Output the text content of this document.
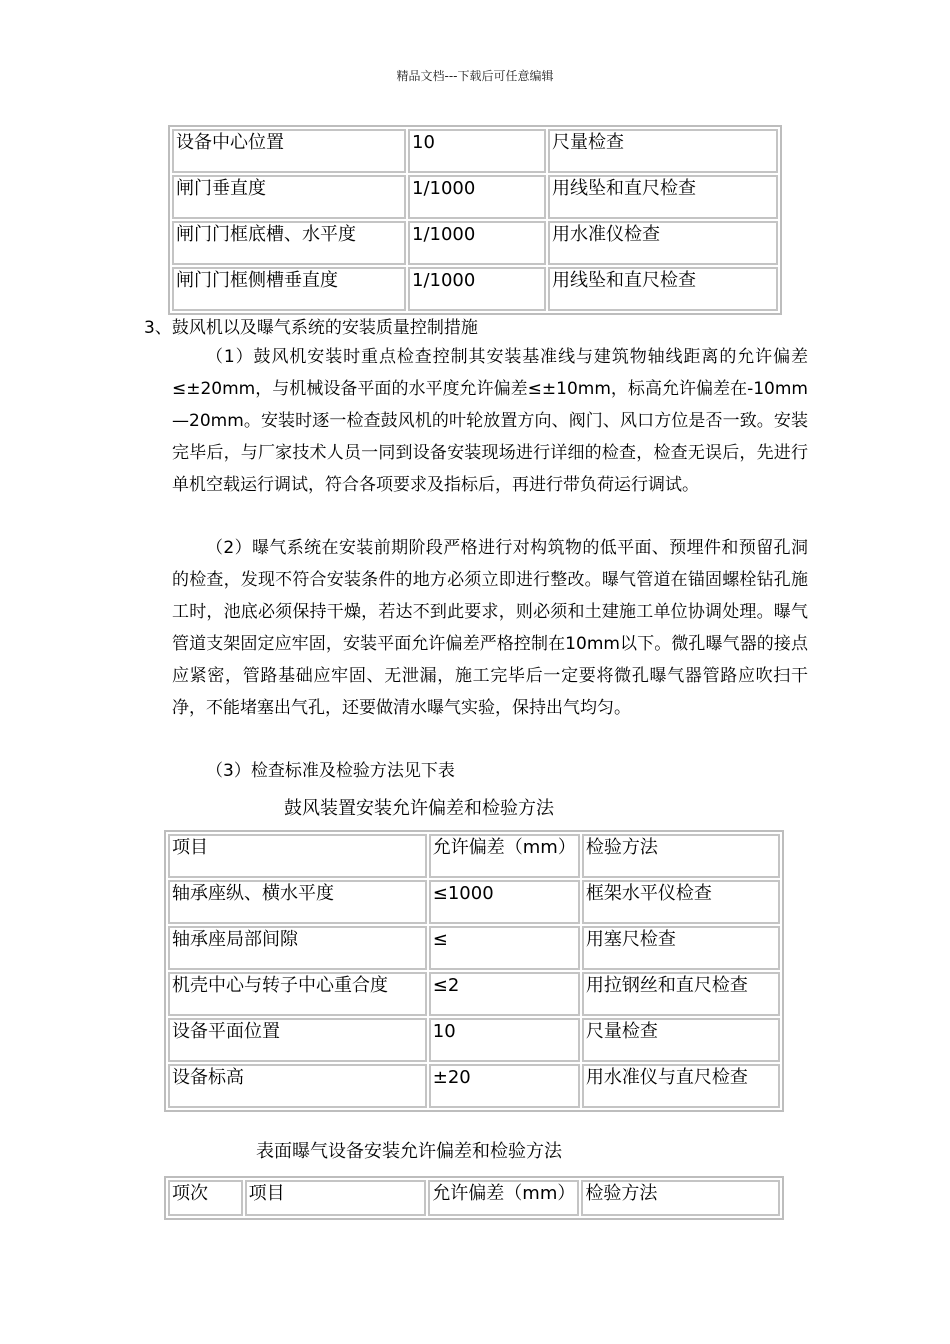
精品文档---下载后可任意编辑
设备中心位置	10	尺量检查
闸门垂直度	1/1000	用线坠和直尺检查
闸门门框底槽、水平度	1/1000	用水准仪检查
闸门门框侧槽垂直度	1/1000	用线坠和直尺检查
3、鼓风机以及曝气系统的安装质量控制措施
（1）鼓风机安装时重点检查控制其安装基准线与建筑物轴线距离的允许偏差≤±20mm，与机械设备平面的水平度允许偏差≤±10mm，标高允许偏差在-10mm—20mm。安装时逐一检查鼓风机的叶轮放置方向、阀门、风口方位是否一致。安装完毕后，与厂家技术人员一同到设备安装现场进行详细的检查，检查无误后，先进行单机空载运行调试，符合各项要求及指标后，再进行带负荷运行调试。
（2）曝气系统在安装前期阶段严格进行对构筑物的低平面、预埋件和预留孔洞的检查，发现不符合安装条件的地方必须立即进行整改。曝气管道在锚固螺栓钻孔施工时，池底必须保持干燥，若达不到此要求，则必须和土建施工单位协调处理。曝气管道支架固定应牢固，安装平面允许偏差严格控制在10mm以下。微孔曝气器的接点应紧密，管路基础应牢固、无泄漏，施工完毕后一定要将微孔曝气器管路应吹扫干净，不能堵塞出气孔，还要做清水曝气实验，保持出气均匀。
（3）检查标准及检验方法见下表
鼓风装置安装允许偏差和检验方法
项目	允许偏差（mm）	检验方法
轴承座纵、横水平度	≤1000	框架水平仪检查
轴承座局部间隙	≤	用塞尺检查
机壳中心与转子中心重合度	≤2	用拉钢丝和直尺检查
设备平面位置	10	尺量检查
设备标高	±20	用水准仪与直尺检查
表面曝气设备安装允许偏差和检验方法
项次	项目	允许偏差（mm）	检验方法
